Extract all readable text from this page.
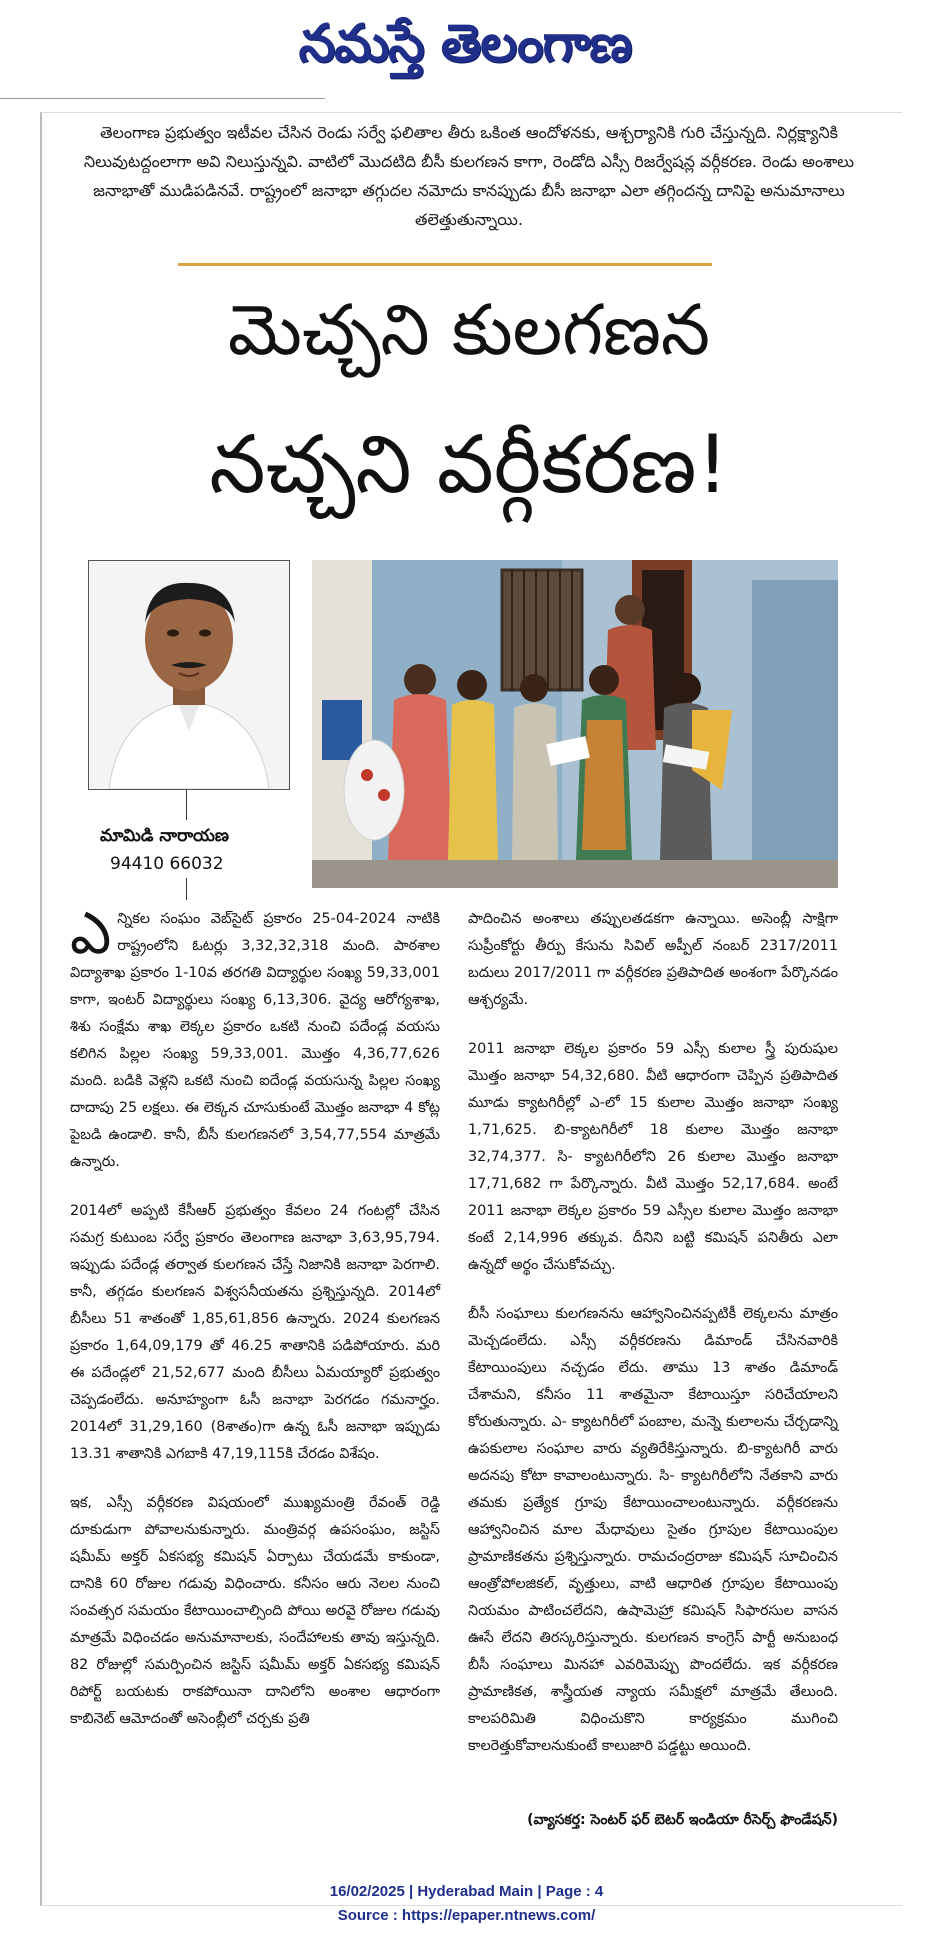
నమస్తే తెలంగాణ
తెలంగాణ ప్రభుత్వం ఇటీవల చేసిన రెండు సర్వే ఫలితాల తీరు ఒకింత ఆందోళనకు, ఆశ్చర్యానికి గురి చేస్తున్నది. నిర్లక్ష్యానికి నిలువుటద్దంలాగా అవి నిలుస్తున్నవి. వాటిలో మొదటిది బీసీ కులగణన కాగా, రెండోది ఎస్సీ రిజర్వేషన్ల వర్గీకరణ. రెండు అంశాలు జనాభాతో ముడిపడినవే. రాష్ట్రంలో జనాభా తగ్గుదల నమోదు కానప్పుడు బీసీ జనాభా ఎలా తగ్గిందన్న దానిపై అనుమానాలు తలెత్తుతున్నాయి.
మెచ్చని కులగణన
నచ్చని వర్గీకరణ!
మామిడి నారాయణ
94410 66032

ఎన్నికల సంఘం వెబ్‌సైట్ ప్రకారం 25-04-2024 నాటికి రాష్ట్రంలోని ఓటర్లు 3,32,32,318 మంది. పాఠశాల విద్యాశాఖ ప్రకారం 1-10వ తరగతి విద్యార్థుల సంఖ్య 59,33,001 కాగా, ఇంటర్ విద్యార్థులు సంఖ్య 6,13,306. వైద్య ఆరోగ్యశాఖ, శిశు సంక్షేమ శాఖ లెక్కల ప్రకారం ఒకటి నుంచి పదేండ్ల వయసు కలిగిన పిల్లల సంఖ్య 59,33,001. మొత్తం 4,36,77,626 మంది. బడికి వెళ్లని ఒకటి నుంచి ఐదేండ్ల వయసున్న పిల్లల సంఖ్య దాదాపు 25 లక్షలు. ఈ లెక్కన చూసుకుంటే మొత్తం జనాభా 4 కోట్ల పైబడి ఉండాలి. కానీ, బీసీ కులగణనలో 3,54,77,554 మాత్రమే ఉన్నారు.

2014లో అప్పటి కేసీఆర్ ప్రభుత్వం కేవలం 24 గంటల్లో చేసిన సమగ్ర కుటుంబ సర్వే ప్రకారం తెలంగాణ జనాభా 3,63,95,794. ఇప్పుడు పదేండ్ల తర్వాత కులగణన చేస్తే నిజానికి జనాభా పెరగాలి. కానీ, తగ్గడం కులగణన విశ్వసనీయతను ప్రశ్నిస్తున్నది. 2014లో బీసీలు 51 శాతంతో 1,85,61,856 ఉన్నారు. 2024 కులగణన ప్రకారం 1,64,09,179 తో 46.25 శాతానికి పడిపోయారు. మరి ఈ పదేండ్లలో 21,52,677 మంది బీసీలు ఏమయ్యారో ప్రభుత్వం చెప్పడంలేదు. అనూహ్యంగా ఓసీ జనాభా పెరగడం గమనార్హం. 2014లో 31,29,160 (8శాతం)గా ఉన్న ఓసీ జనాభా ఇప్పుడు 13.31 శాతానికి ఎగబాకి 47,19,115కి చేరడం విశేషం.

ఇక, ఎస్సీ వర్గీకరణ విషయంలో ముఖ్యమంత్రి రేవంత్ రెడ్డి దూకుడుగా పోవాలనుకున్నారు. మంత్రివర్గ ఉపసంఘం, జస్టిస్ షమీమ్ అక్తర్ ఏకసభ్య కమిషన్ ఏర్పాటు చేయడమే కాకుండా, దానికి 60 రోజుల గడువు విధించారు. కనీసం ఆరు నెలల నుంచి సంవత్సర సమయం కేటాయించాల్సింది పోయి అరవై రోజుల గడువు మాత్రమే విధించడం అనుమానాలకు, సందేహాలకు తావు ఇస్తున్నది. 82 రోజుల్లో సమర్పించిన జస్టిస్ షమీమ్ అక్తర్ ఏకసభ్య కమిషన్ రిపోర్ట్ బయటకు రాకపోయినా దానిలోని అంశాల ఆధారంగా కాబినెట్ ఆమోదంతో అసెంబ్లీలో చర్చకు ప్రతి

పాదించిన అంశాలు తప్పులతడకగా ఉన్నాయి. అసెంబ్లీ సాక్షిగా సుప్రీంకోర్టు తీర్పు కేసును సివిల్ అప్పీల్ నంబర్ 2317/2011 బదులు 2017/2011 గా వర్గీకరణ ప్రతిపాదిత అంశంగా పేర్కొనడం ఆశ్చర్యమే.

2011 జనాభా లెక్కల ప్రకారం 59 ఎస్సీ కులాల స్త్రీ పురుషుల మొత్తం జనాభా 54,32,680. వీటి ఆధారంగా చెప్పిన ప్రతిపాదిత మూడు క్యాటగిరీల్లో ఎ-లో 15 కులాల మొత్తం జనాభా సంఖ్య 1,71,625. బి-క్యాటగిరీలో 18 కులాల మొత్తం జనాభా 32,74,377. సి- క్యాటగిరీలోని 26 కులాల మొత్తం జనాభా 17,71,682 గా పేర్కొన్నారు. వీటి మొత్తం 52,17,684. అంటే 2011 జనాభా లెక్కల ప్రకారం 59 ఎస్సీల కులాల మొత్తం జనాభా కంటే 2,14,996 తక్కువ. దీనిని బట్టి కమిషన్ పనితీరు ఎలా ఉన్నదో అర్థం చేసుకోవచ్చు.

బీసీ సంఘాలు కులగణనను ఆహ్వానించినప్పటికీ లెక్కలను మాత్రం మెచ్చడంలేదు. ఎస్సీ వర్గీకరణను డిమాండ్ చేసినవారికి కేటాయింపులు నచ్చడం లేదు. తాము 13 శాతం డిమాండ్ చేశామని, కనీసం 11 శాతమైనా కేటాయిస్తూ సరిచేయాలని కోరుతున్నారు. ఎ- క్యాటగిరీలో పంబాల, మన్నె కులాలను చేర్చడాన్ని ఉపకులాల సంఘాల వారు వ్యతిరేకిస్తున్నారు. బి-క్యాటగిరీ వారు అదనపు కోటా కావాలంటున్నారు. సి- క్యాటగిరీలోని నేతకాని వారు తమకు ప్రత్యేక గ్రూపు కేటాయించాలంటున్నారు. వర్గీకరణను ఆహ్వానించిన మాల మేధావులు సైతం గ్రూపుల కేటాయింపుల ప్రామాణికతను ప్రశ్నిస్తున్నారు. రామచంద్రరాజు కమిషన్ సూచించిన ఆంత్రోపోలజికల్, వృత్తులు, వాటి ఆధారిత గ్రూపుల కేటాయింపు నియమం పాటించలేదని, ఉషామెహ్రా కమిషన్ సిఫారసుల వాసన ఊసే లేదని తిరస్కరిస్తున్నారు. కులగణన కాంగ్రెస్ పార్టీ అనుబంధ బీసీ సంఘాలు మినహా ఎవరిమెప్పు పొందలేదు. ఇక వర్గీకరణ ప్రామాణికత, శాస్త్రీయత న్యాయ సమీక్షలో మాత్రమే తేలుంది. కాలపరిమితి విధించుకొని కార్యక్రమం ముగించి కాలరెత్తుకోవాలనుకుంటే కాలుజారి పడ్డట్టు అయింది.

(వ్యాసకర్త: సెంటర్ ఫర్ బెటర్ ఇండియా రీసెర్చ్ ఫౌండేషన్)
16/02/2025 | Hyderabad Main | Page : 4
Source : https://epaper.ntnews.com/
